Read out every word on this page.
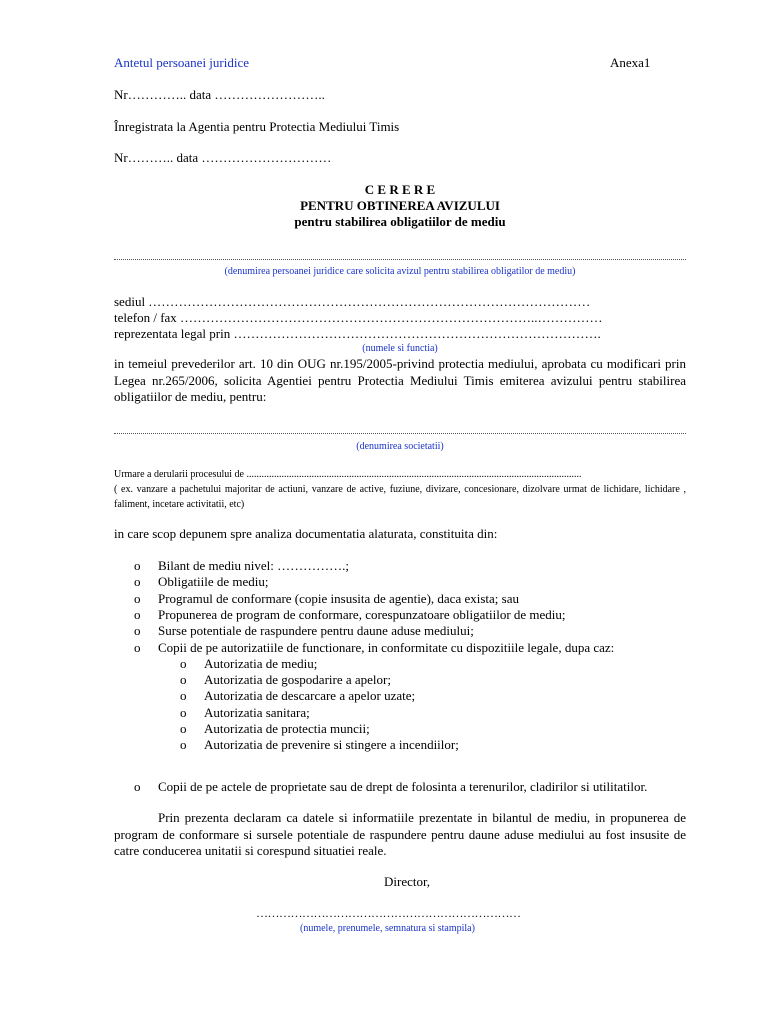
Antetul persoanei juridice	Anexa1
Nr………….. data ……………………..
Înregistrata la Agentia pentru Protectia Mediului Timis
Nr……….. data …………………………
C E R E R E
PENTRU OBTINEREA AVIZULUI
pentru stabilirea obligatiilor de mediu
(denumirea persoanei juridice care solicita avizul pentru stabilirea obligatilor de mediu)
sediul …………………………………………………………………………………………
telefon / fax ………………………………………………………………………..……………
reprezentata legal prin ………………………………………………………………………….
(numele si functia)
in temeiul prevederilor art. 10 din OUG nr.195/2005-privind protectia mediului, aprobata cu modificari prin Legea nr.265/2006, solicita Agentiei pentru Protectia Mediului Timis emiterea avizului pentru stabilirea obligatiilor de mediu, pentru:
(denumirea societatii)
Urmare a derularii procesului de ......................................................................................................................................
( ex. vanzare a pachetului majoritar de actiuni, vanzare de active, fuziune, divizare, concesionare, dizolvare urmat de lichidare, lichidare , faliment, incetare activitatii, etc)
in care scop depunem spre analiza documentatia alaturata, constituita din:
o Bilant de mediu nivel: …………….;
o Obligatiile de mediu;
o Programul de conformare (copie insusita de agentie), daca exista; sau
o Propunerea de program de conformare, corespunzatoare obligatiilor de mediu;
o Surse potentiale de raspundere pentru daune aduse mediului;
o Copii de pe autorizatiile de functionare, in conformitate cu dispozitiile legale, dupa caz:
o Autorizatia de mediu;
o Autorizatia de gospodarire a apelor;
o Autorizatia de descarcare a apelor uzate;
o Autorizatia sanitara;
o Autorizatia de protectia muncii;
o Autorizatia de prevenire si stingere a incendiilor;
o Copii de pe actele de proprietate sau de drept de folosinta a terenurilor, cladirilor si utilitatilor.
Prin prezenta declaram ca datele si informatiile prezentate in bilantul de mediu, in propunerea de program de conformare si sursele potentiale de raspundere pentru daune aduse mediului au fost insusite de catre conducerea unitatii si corespund situatiei reale.
Director,
……………………………………………………………
(numele, prenumele, semnatura si stampila)
